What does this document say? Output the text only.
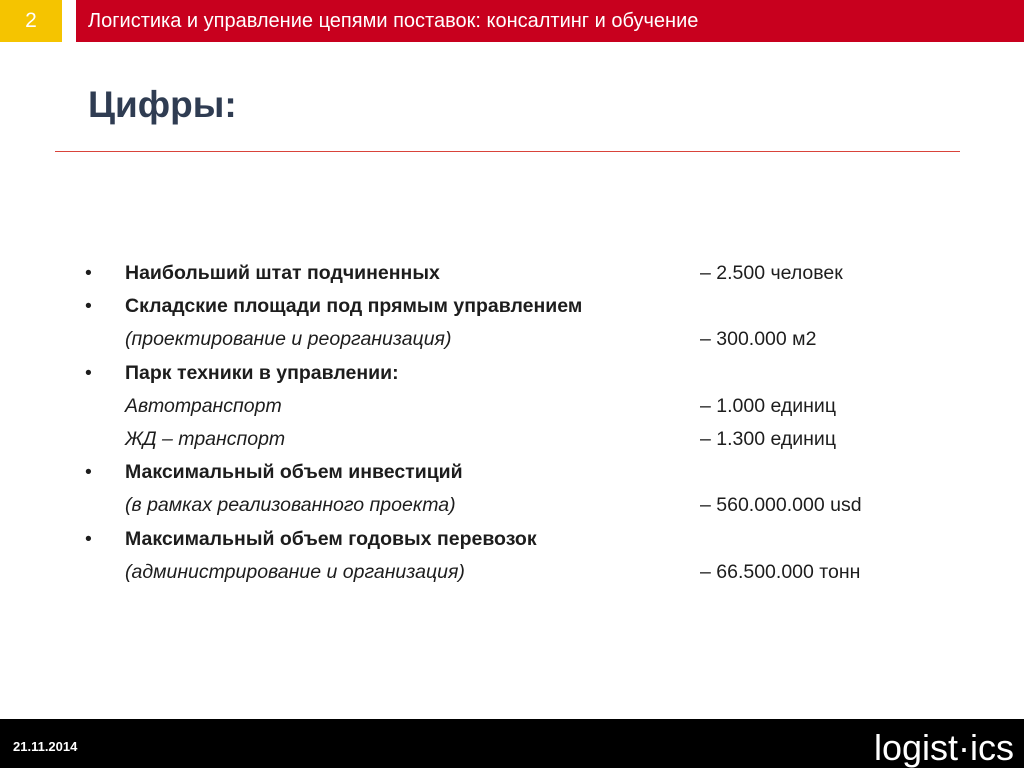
2	Логистика и управление цепями поставок: консалтинг и обучение
Цифры:
• Наибольший штат подчиненных	– 2.500 человек
• Складские площади под прямым управлением
(проектирование и реорганизация)	– 300.000 м2
• Парк техники в управлении:
Автотранспорт	– 1.000 единиц
ЖД – транспорт	– 1.300 единиц
• Максимальный объем инвестиций
(в рамках реализованного проекта)	– 560.000.000 usd
• Максимальный объем годовых перевозок
(администрирование и организация)	– 66.500.000 тонн
21.11.2014	logist·ics
